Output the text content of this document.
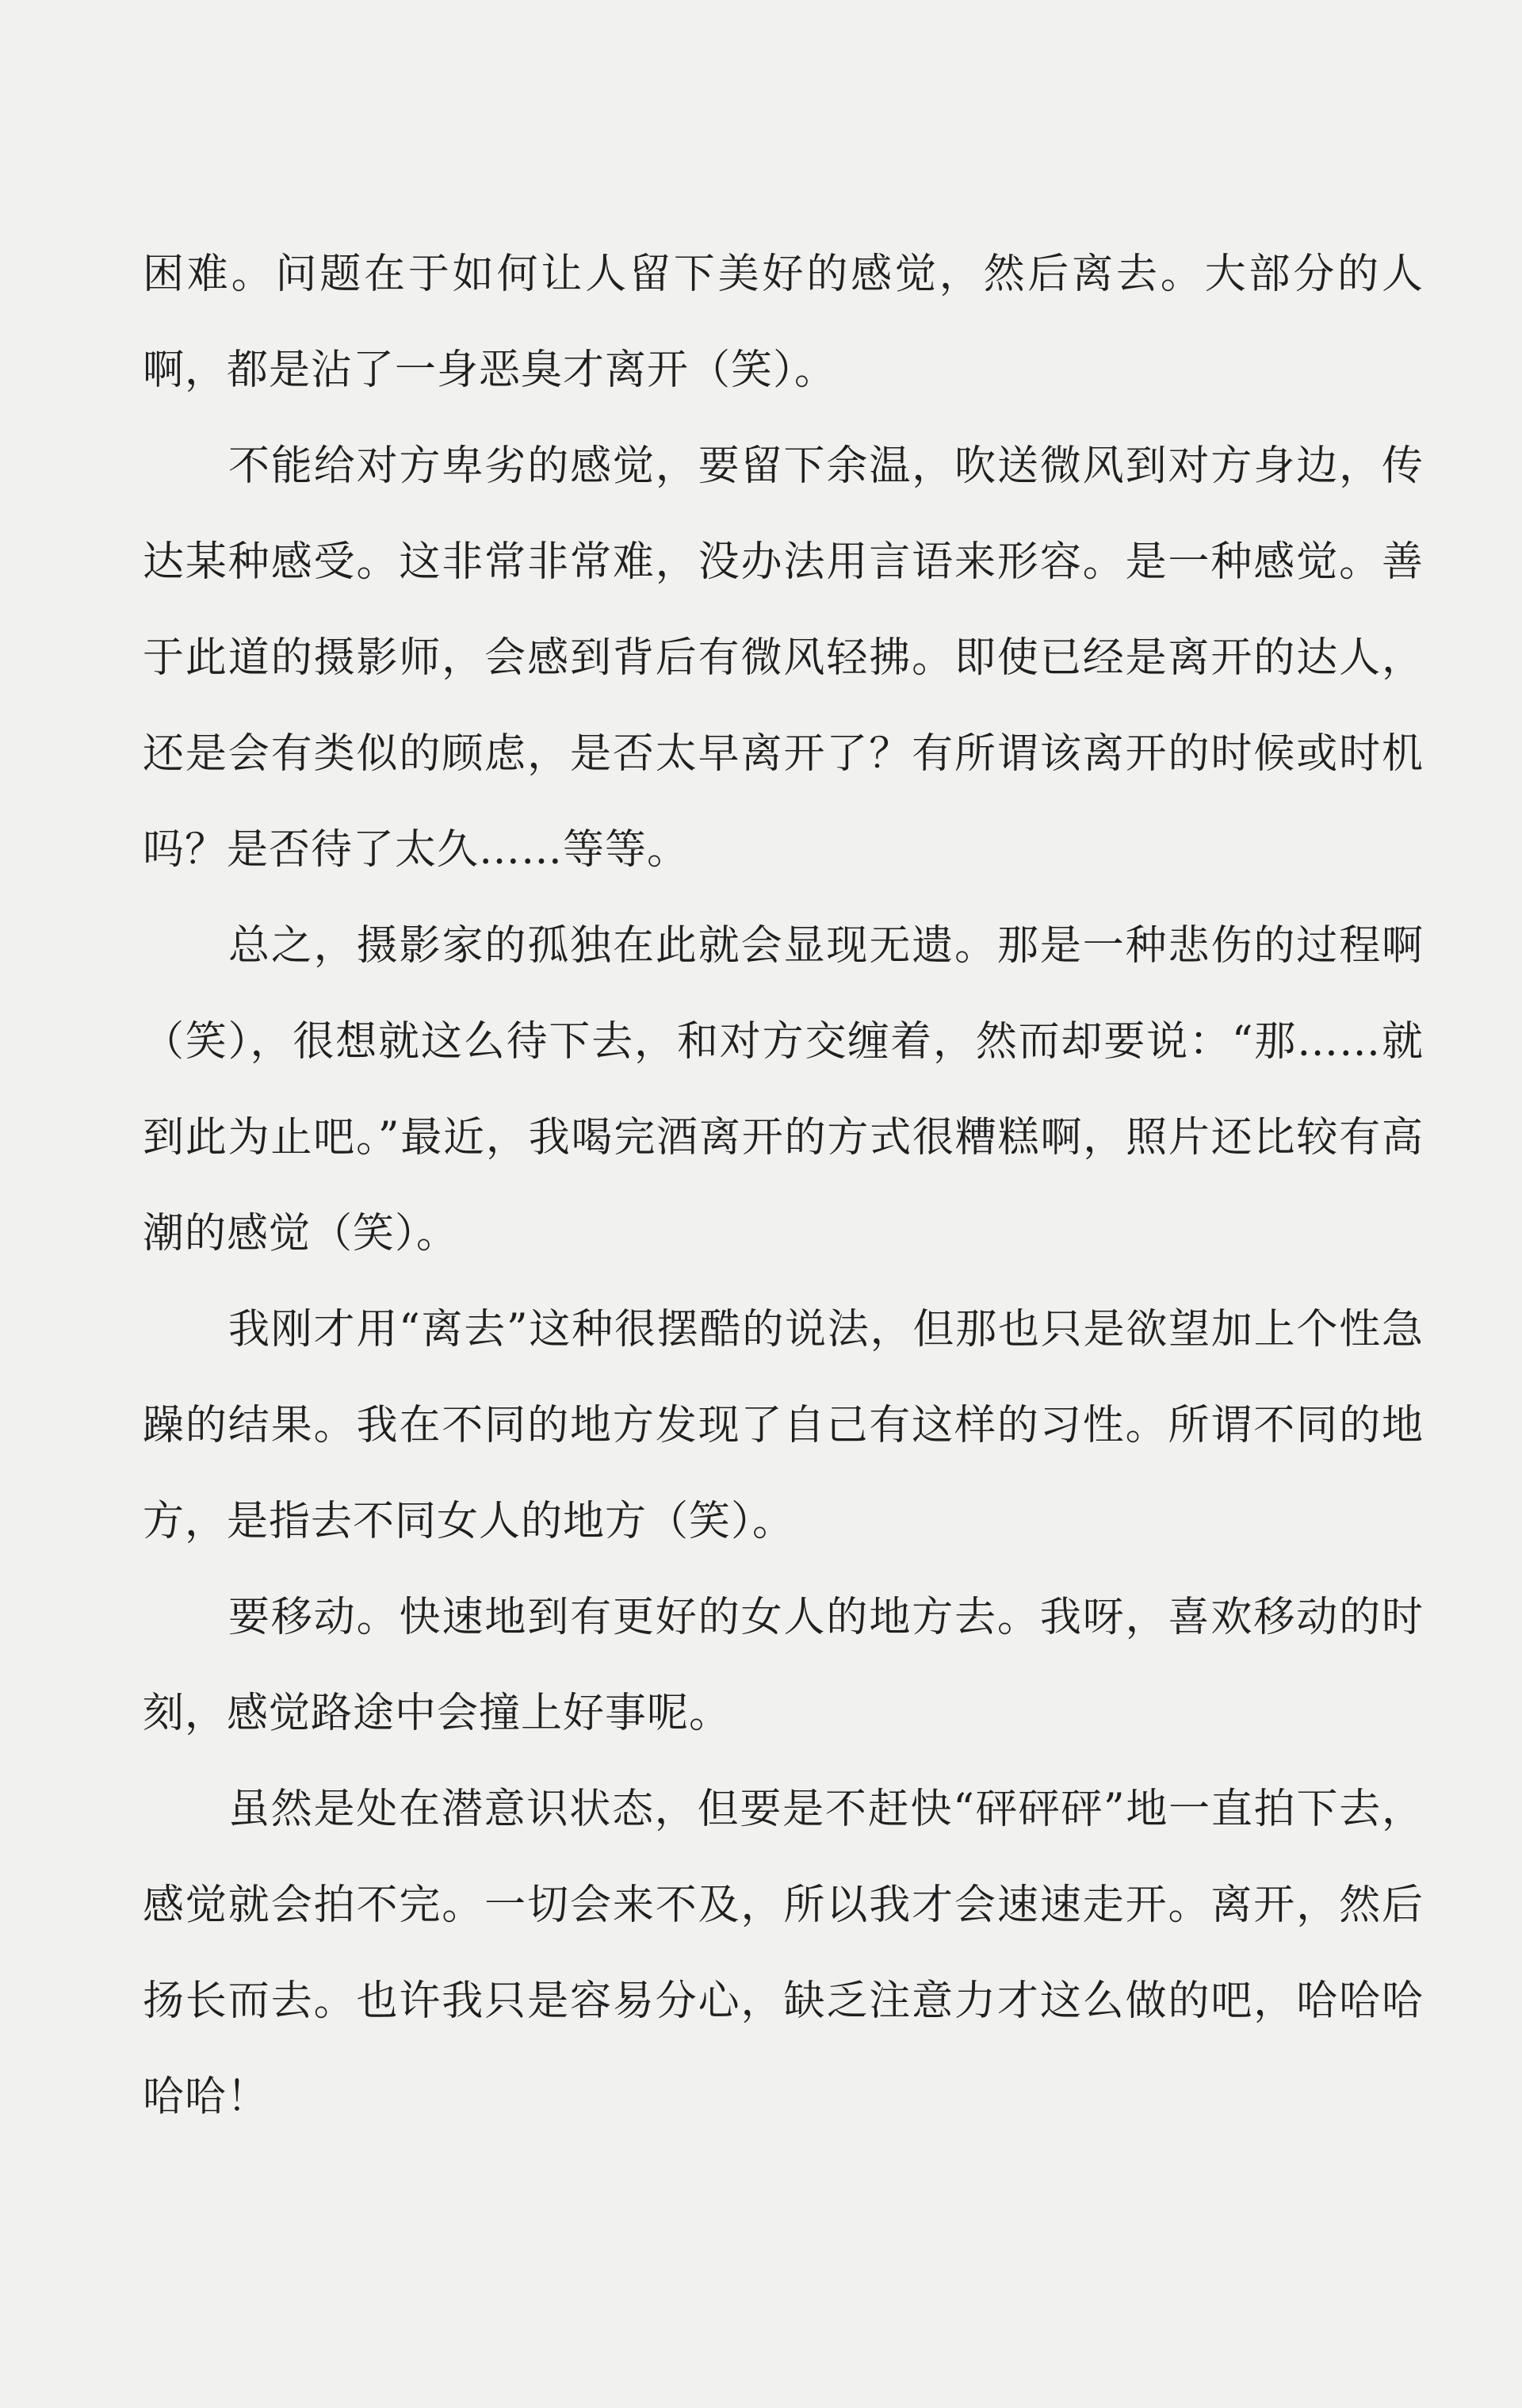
困难。问题在于如何让人留下美好的感觉，然后离去。大部分的人啊，都是沾了一身恶臭才离开（笑）。

不能给对方卑劣的感觉，要留下余温，吹送微风到对方身边，传达某种感受。这非常非常难，没办法用言语来形容。是一种感觉。善于此道的摄影师，会感到背后有微风轻拂。即使已经是离开的达人，还是会有类似的顾虑，是否太早离开了？有所谓该离开的时候或时机吗？是否待了太久……等等。

总之，摄影家的孤独在此就会显现无遗。那是一种悲伤的过程啊（笑），很想就这么待下去，和对方交缠着，然而却要说：“那……就到此为止吧。”最近，我喝完酒离开的方式很糟糕啊，照片还比较有高潮的感觉（笑）。

我刚才用“离去”这种很摆酷的说法，但那也只是欲望加上个性急躁的结果。我在不同的地方发现了自己有这样的习性。所谓不同的地方，是指去不同女人的地方（笑）。

要移动。快速地到有更好的女人的地方去。我呀，喜欢移动的时刻，感觉路途中会撞上好事呢。

虽然是处在潜意识状态，但要是不赶快“砰砰砰”地一直拍下去，感觉就会拍不完。一切会来不及，所以我才会速速走开。离开，然后扬长而去。也许我只是容易分心，缺乏注意力才这么做的吧，哈哈哈哈哈！
